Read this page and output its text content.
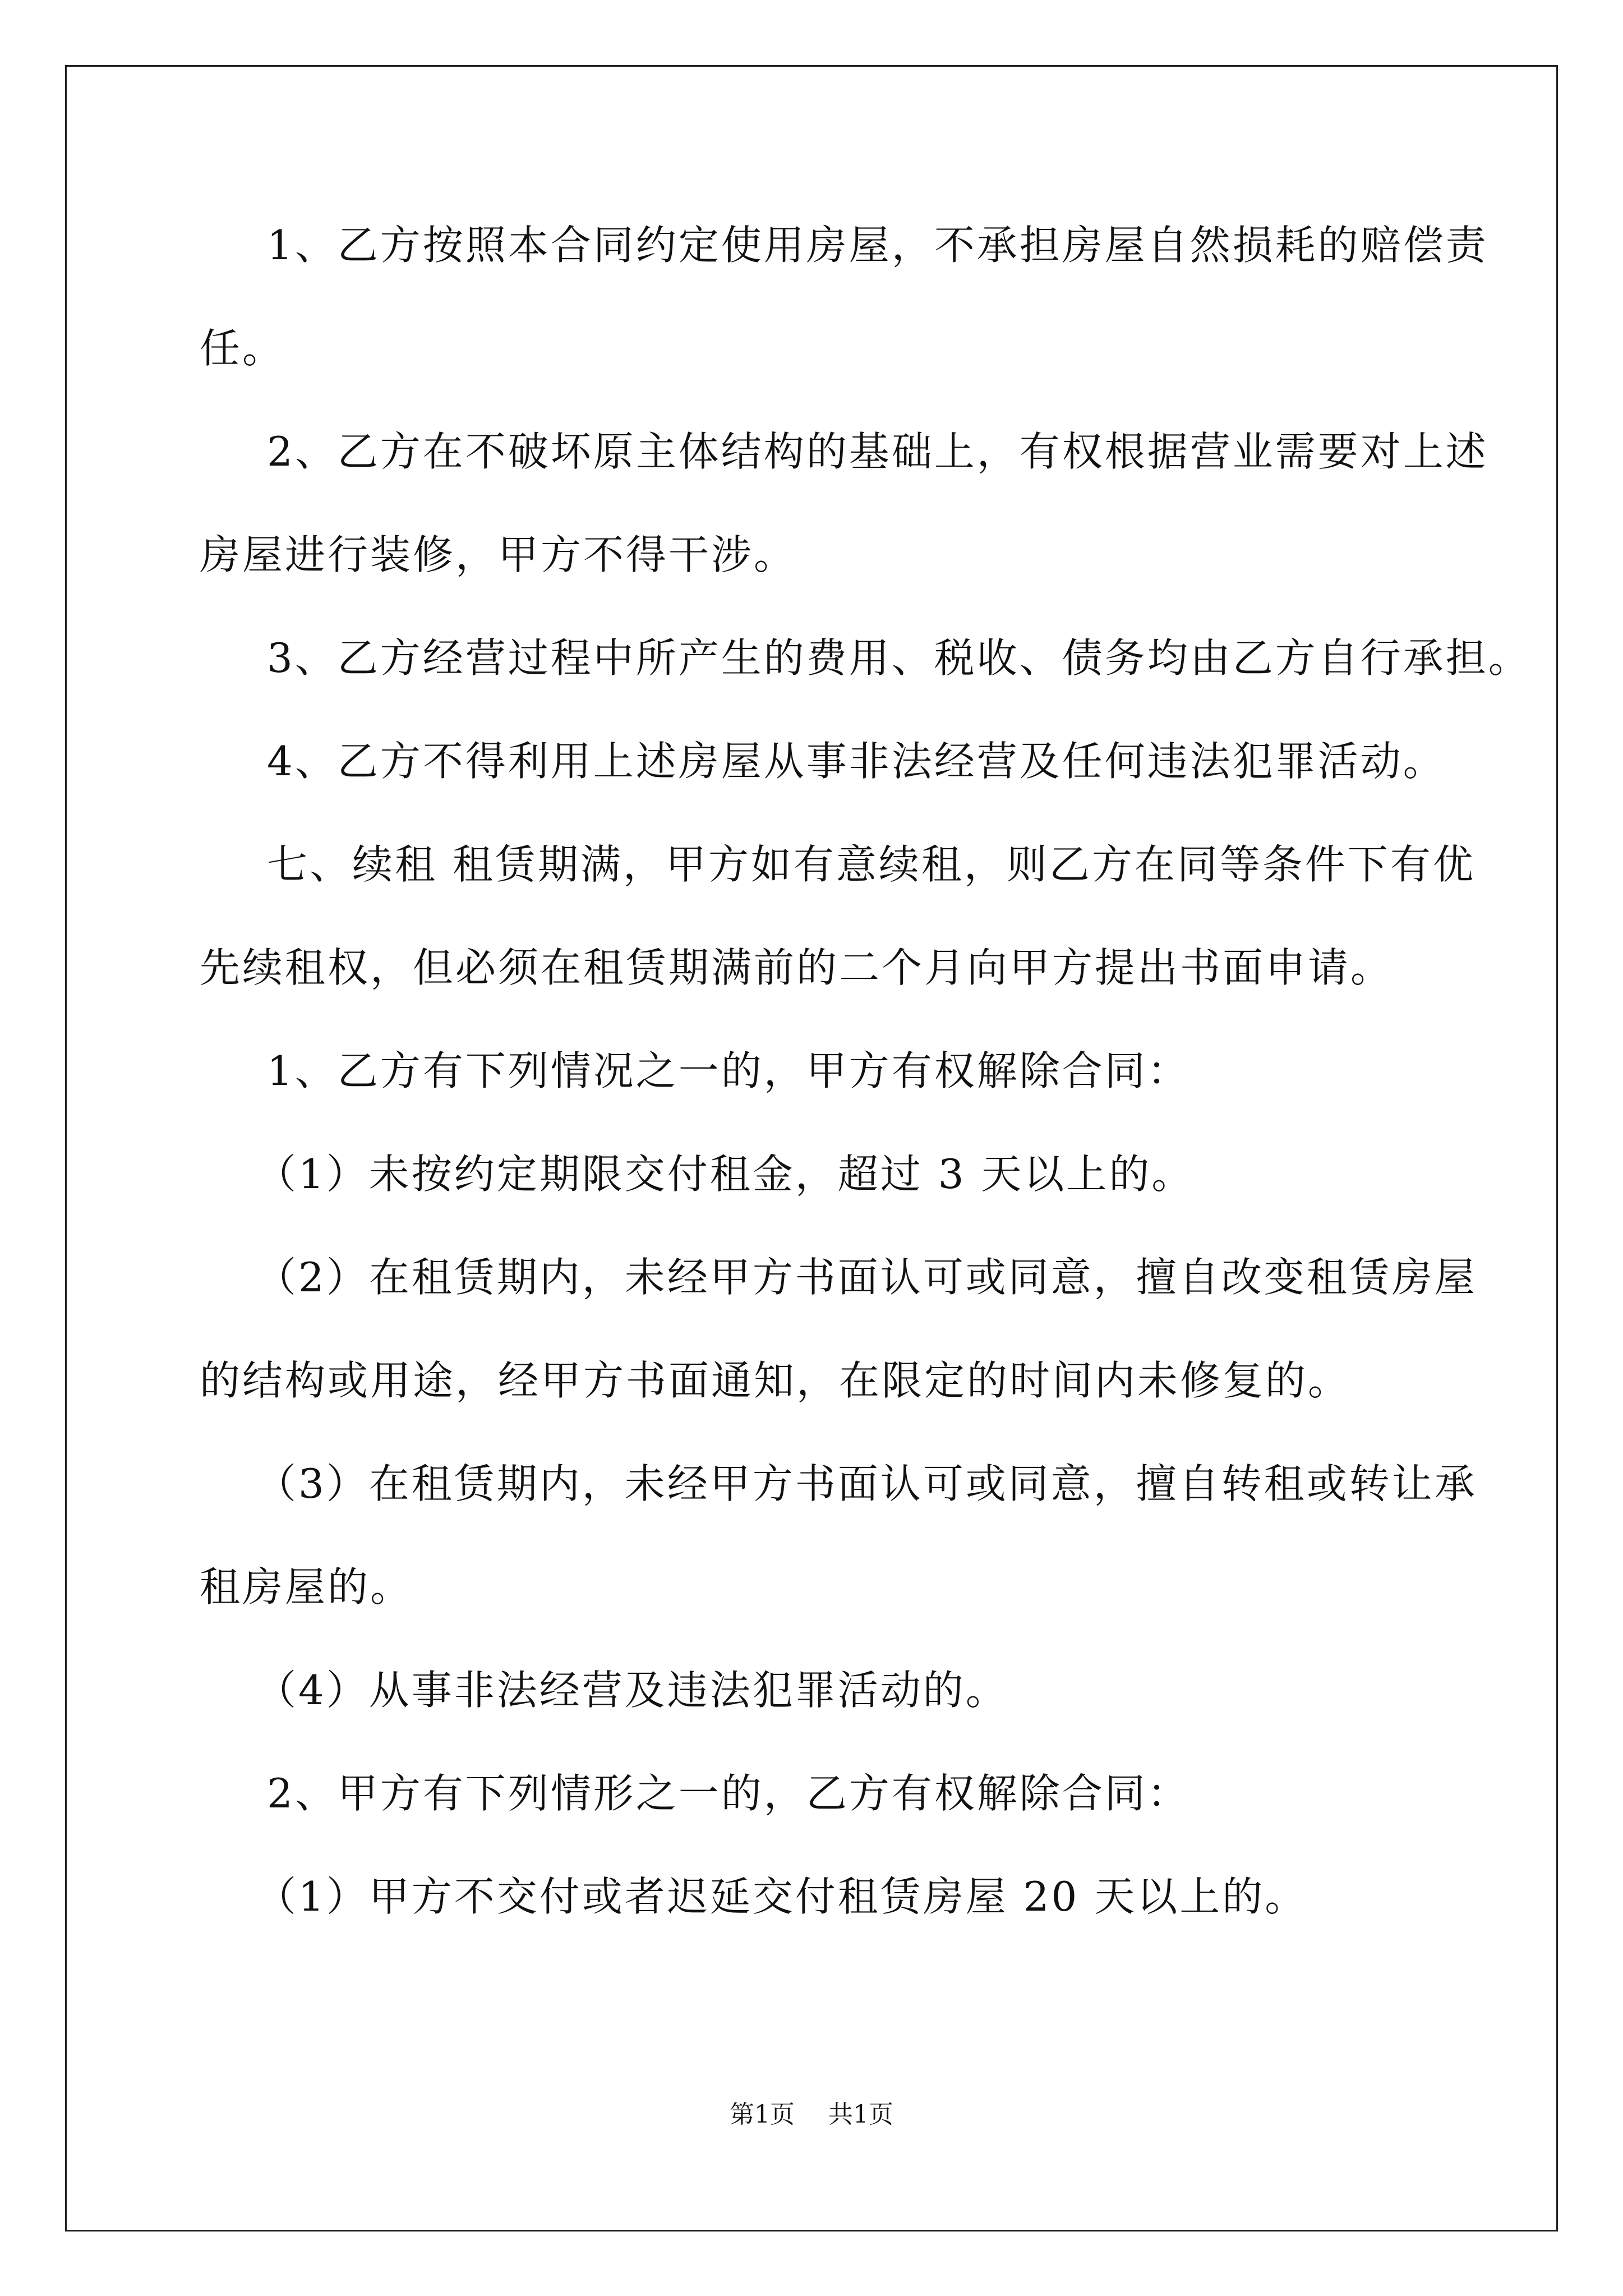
1、乙方按照本合同约定使用房屋，不承担房屋自然损耗的赔偿责
任。
2、乙方在不破坏原主体结构的基础上，有权根据营业需要对上述
房屋进行装修，甲方不得干涉。
3、乙方经营过程中所产生的费用、税收、债务均由乙方自行承担。
4、乙方不得利用上述房屋从事非法经营及任何违法犯罪活动。
七、续租 租赁期满，甲方如有意续租，则乙方在同等条件下有优
先续租权，但必须在租赁期满前的二个月向甲方提出书面申请。
1、乙方有下列情况之一的，甲方有权解除合同：
（1）未按约定期限交付租金，超过 3 天以上的。
（2）在租赁期内，未经甲方书面认可或同意，擅自改变租赁房屋
的结构或用途，经甲方书面通知，在限定的时间内未修复的。
（3）在租赁期内，未经甲方书面认可或同意，擅自转租或转让承
租房屋的。
（4）从事非法经营及违法犯罪活动的。
2、甲方有下列情形之一的，乙方有权解除合同：
（1）甲方不交付或者迟延交付租赁房屋 20 天以上的。
第1页 共1页
